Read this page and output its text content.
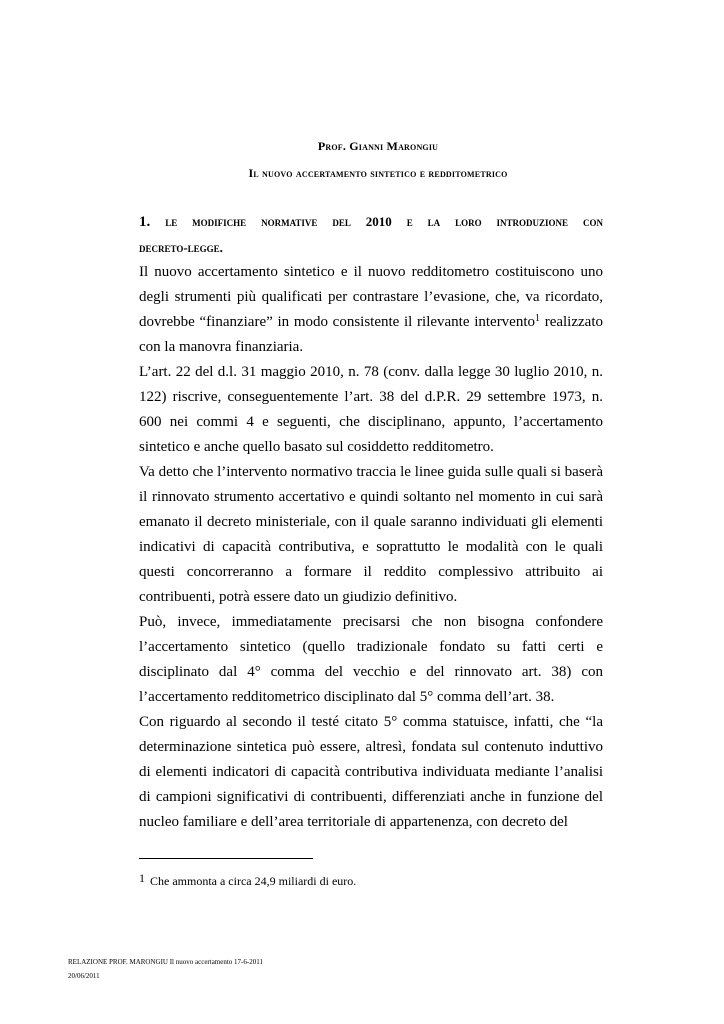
Prof. Gianni Marongiu
Il nuovo accertamento sintetico e redditometrico
1. le modifiche normative del 2010 e la loro introduzione con
decreto-legge.

Il nuovo accertamento sintetico e il nuovo redditometro costituiscono uno degli strumenti più qualificati per contrastare l’evasione, che, va ricordato, dovrebbe “finanziare” in modo consistente il rilevante intervento$^1$ realizzato con la manovra finanziaria.

L’art. 22 del d.l. 31 maggio 2010, n. 78 (conv. dalla legge 30 luglio 2010, n. 122) riscrive, conseguentemente l’art. 38 del d.P.R. 29 settembre 1973, n. 600 nei commi 4 e seguenti, che disciplinano, appunto, l’accertamento sintetico e anche quello basato sul cosiddetto redditometro.

Va detto che l’intervento normativo traccia le linee guida sulle quali si baserà il rinnovato strumento accertativo e quindi soltanto nel momento in cui sarà emanato il decreto ministeriale, con il quale saranno individuati gli elementi indicativi di capacità contributiva, e soprattutto le modalità con le quali questi concorreranno a formare il reddito complessivo attribuito ai contribuenti, potrà essere dato un giudizio definitivo.

Può, invece, immediatamente precisarsi che non bisogna confondere l’accertamento sintetico (quello tradizionale fondato su fatti certi e disciplinato dal 4° comma del vecchio e del rinnovato art. 38) con l’accertamento redditometrico disciplinato dal 5° comma dell’art. 38.

Con riguardo al secondo il testé citato 5° comma statuisce, infatti, che “la determinazione sintetica può essere, altresì, fondata sul contenuto induttivo di elementi indicatori di capacità contributiva individuata mediante l’analisi di campioni significativi di contribuenti, differenziati anche in funzione del nucleo familiare e dell’area territoriale di appartenenza, con decreto del

$^1$ Che ammonta a circa 24,9 miliardi di euro.
RELAZIONE PROF. MARONGIU Il nuovo accertamento 17-6-2011
20/06/2011
